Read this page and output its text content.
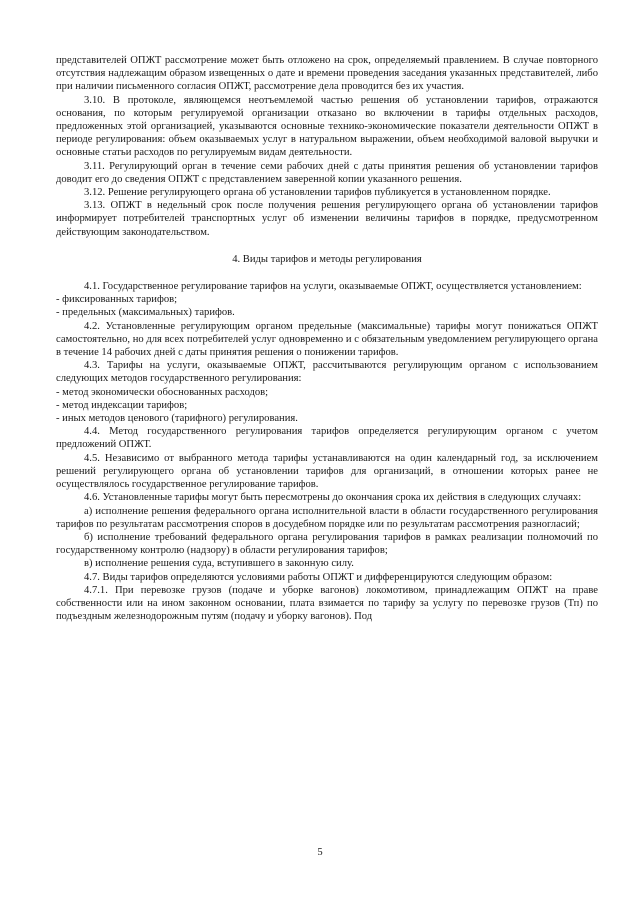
представителей ОПЖТ рассмотрение может быть отложено на срок, определяемый правлением. В случае повторного отсутствия надлежащим образом извещенных о дате и времени проведения заседания указанных представителей, либо при наличии письменного согласия ОПЖТ, рассмотрение дела проводится без их участия.

3.10. В протоколе, являющемся неотъемлемой частью решения об установлении тарифов, отражаются основания, по которым регулируемой организации отказано во включении в тарифы отдельных расходов, предложенных этой организацией, указываются основные технико-экономические показатели деятельности ОПЖТ в периоде регулирования: объем оказываемых услуг в натуральном выражении, объем необходимой валовой выручки и основные статьи расходов по регулируемым видам деятельности.

3.11. Регулирующий орган в течение семи рабочих дней с даты принятия решения об установлении тарифов доводит его до сведения ОПЖТ с представлением заверенной копии указанного решения.

3.12. Решение регулирующего органа об установлении тарифов публикуется в установленном порядке.

3.13. ОПЖТ в недельный срок после получения решения регулирующего органа об установлении тарифов информирует потребителей транспортных услуг об изменении величины тарифов в порядке, предусмотренном действующим законодательством.

4. Виды тарифов и методы регулирования

4.1. Государственное регулирование тарифов на услуги, оказываемые ОПЖТ, осуществляется установлением:

- фиксированных тарифов;

- предельных (максимальных) тарифов.

4.2. Установленные регулирующим органом предельные (максимальные) тарифы могут понижаться ОПЖТ самостоятельно, но для всех потребителей услуг одновременно и с обязательным уведомлением регулирующего органа в течение 14 рабочих дней с даты принятия решения о понижении тарифов.

4.3. Тарифы на услуги, оказываемые ОПЖТ, рассчитываются регулирующим органом с использованием следующих методов государственного регулирования:

- метод экономически обоснованных расходов;

- метод индексации тарифов;

- иных методов ценового (тарифного) регулирования.

4.4. Метод государственного регулирования тарифов определяется регулирующим органом с учетом предложений ОПЖТ.

4.5. Независимо от выбранного метода тарифы устанавливаются на один календарный год, за исключением решений регулирующего органа об установлении тарифов для организаций, в отношении которых ранее не осуществлялось государственное регулирование тарифов.

4.6. Установленные тарифы могут быть пересмотрены до окончания срока их действия в следующих случаях:

а) исполнение решения федерального органа исполнительной власти в области государственного регулирования тарифов по результатам рассмотрения споров в досудебном порядке или по результатам рассмотрения разногласий;

б) исполнение требований федерального органа регулирования тарифов в рамках реализации полномочий по государственному контролю (надзору) в области регулирования тарифов;

в) исполнение решения суда, вступившего в законную силу.

4.7. Виды тарифов определяются условиями работы ОПЖТ и дифференцируются следующим образом:

4.7.1. При перевозке грузов (подаче и уборке вагонов) локомотивом, принадлежащим ОПЖТ на праве собственности или на ином законном основании, плата взимается по тарифу за услугу по перевозке грузов (Тп) по подъездным железнодорожным путям (подачу и уборку вагонов). Под

5
